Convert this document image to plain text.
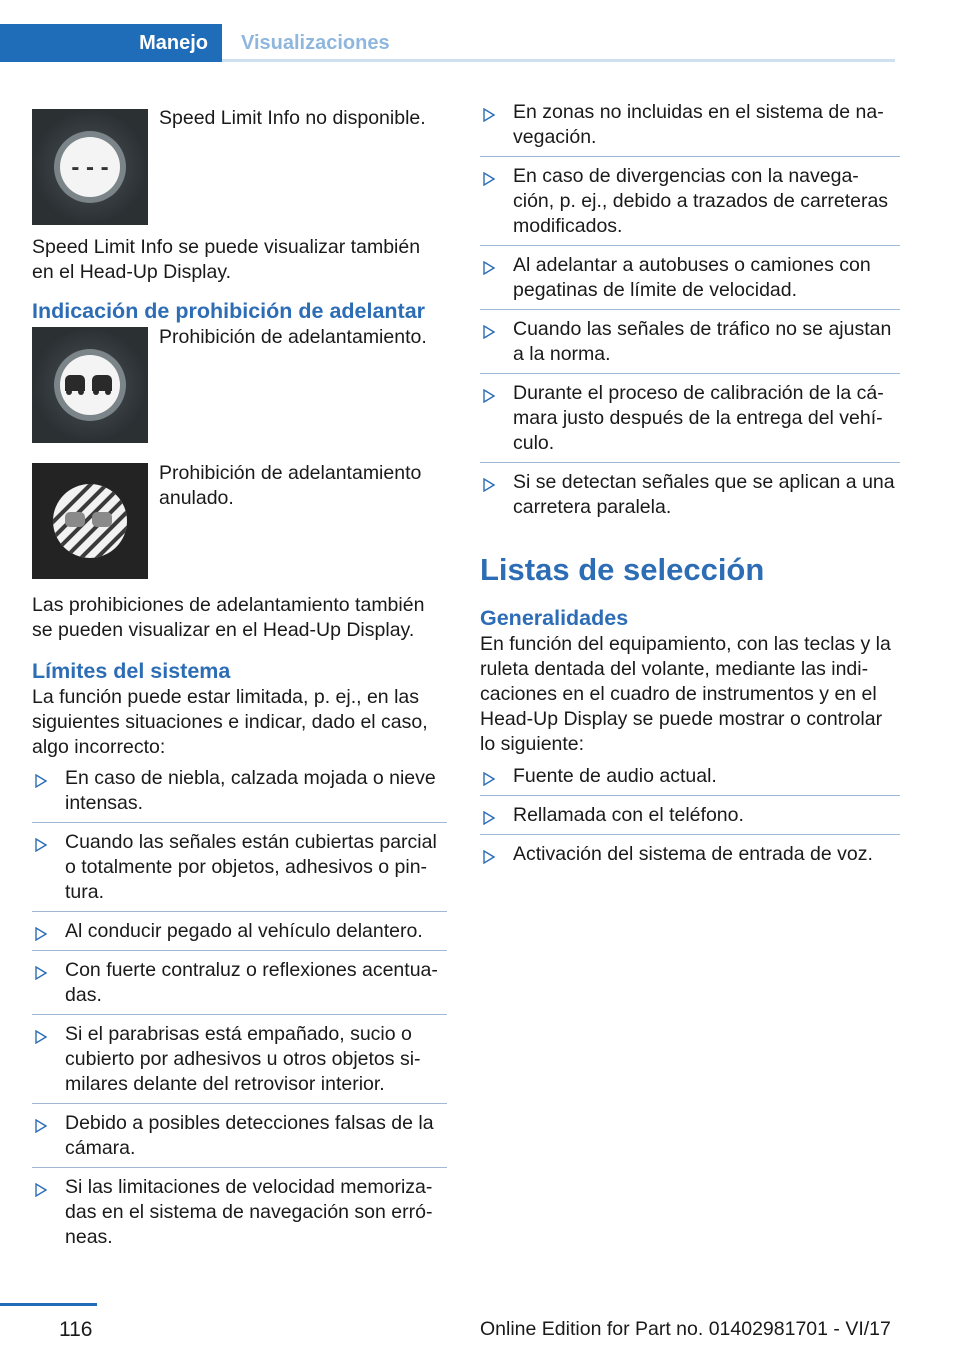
Manejo Visualizaciones
- - -
Speed Limit Info no disponible.

Speed Limit Info se puede visualizar también en el Head-Up Display.

Indicación de prohibición de adelantar
Prohibición de adelantamiento.
Prohibición de adelantamiento anulado.

Las prohibiciones de adelantamiento también se pueden visualizar en el Head-Up Display.

Límites del sistema

La función puede estar limitada, p. ej., en las siguientes situaciones e indicar, dado el caso, algo incorrecto:

En caso de niebla, calzada mojada o nieve intensas.
Cuando las señales están cubiertas parcial o totalmente por objetos, adhesivos o pin‐ tura.
Al conducir pegado al vehículo delantero.
Con fuerte contraluz o reflexiones acentua‐ das.
Si el parabrisas está empañado, sucio o cubierto por adhesivos u otros objetos si‐ milares delante del retrovisor interior.
Debido a posibles detecciones falsas de la cámara.
Si las limitaciones de velocidad memoriza‐ das en el sistema de navegación son erró‐ neas.
En zonas no incluidas en el sistema de na‐ vegación.
En caso de divergencias con la navega‐ ción, p. ej., debido a trazados de carreteras modificados.
Al adelantar a autobuses o camiones con pegatinas de límite de velocidad.
Cuando las señales de tráfico no se ajustan a la norma.
Durante el proceso de calibración de la cá‐ mara justo después de la entrega del vehí‐ culo.
Si se detectan señales que se aplican a una carretera paralela.
Listas de selección
Generalidades

En función del equipamiento, con las teclas y la ruleta dentada del volante, mediante las indi‐ caciones en el cuadro de instrumentos y en el Head-Up Display se puede mostrar o controlar lo siguiente:

Fuente de audio actual.
Rellamada con el teléfono.
Activación del sistema de entrada de voz.
116	Online Edition for Part no. 01402981701 - VI/17
